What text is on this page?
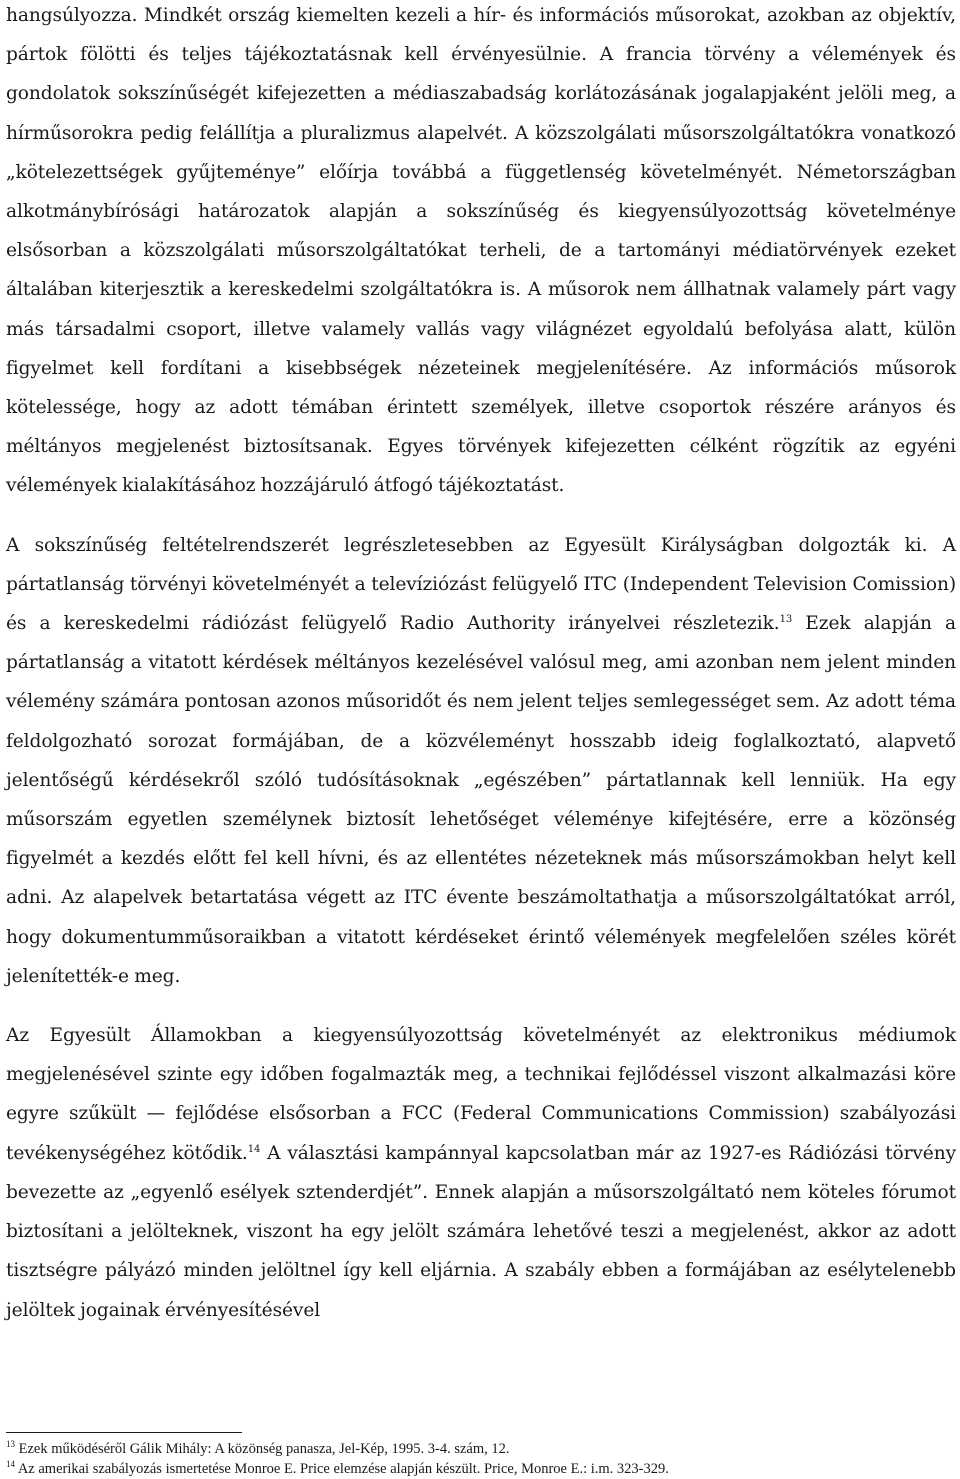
hangsúlyozza. Mindkét ország kiemelten kezeli a hír- és információs műsorokat, azokban az objektív, pártok fölötti és teljes tájékoztatásnak kell érvényesülnie. A francia törvény a vélemények és gondolatok sokszínűségét kifejezetten a médiaszabadság korlátozásának jogalapjaként jelöli meg, a hírműsorokra pedig felállítja a pluralizmus alapelvét. A közszolgálati műsorszolgáltatókra vonatkozó „kötelezettségek gyűjteménye” előírja továbbá a függetlenség követelményét. Németországban alkotmánybírósági határozatok alapján a sokszínűség és kiegyensúlyozottság követelménye elsősorban a közszolgálati műsorszolgáltatókat terheli, de a tartományi médiatörvények ezeket általában kiterjesztik a kereskedelmi szolgáltatókra is. A műsorok nem állhatnak valamely párt vagy más társadalmi csoport, illetve valamely vallás vagy világnézet egyoldalú befolyása alatt, külön figyelmet kell fordítani a kisebbségek nézeteinek megjelenítésére. Az információs műsorok kötelessége, hogy az adott témában érintett személyek, illetve csoportok részére arányos és méltányos megjelenést biztosítsanak. Egyes törvények kifejezetten célként rögzítik az egyéni vélemények kialakításához hozzájáruló átfogó tájékoztatást.

A sokszínűség feltételrendszerét legrészletesebben az Egyesült Királyságban dolgozták ki. A pártatlanság törvényi követelményét a televíziózást felügyelő ITC (Independent Television Comission) és a kereskedelmi rádiózást felügyelő Radio Authority irányelvei részletezik.$^{13}$ Ezek alapján a pártatlanság a vitatott kérdések méltányos kezelésével valósul meg, ami azonban nem jelent minden vélemény számára pontosan azonos műsoridőt és nem jelent teljes semlegességet sem. Az adott téma feldolgozható sorozat formájában, de a közvéleményt hosszabb ideig foglalkoztató, alapvető jelentőségű kérdésekről szóló tudósításoknak „egészében” pártatlannak kell lenniük. Ha egy műsorszám egyetlen személynek biztosít lehetőséget véleménye kifejtésére, erre a közönség figyelmét a kezdés előtt fel kell hívni, és az ellentétes nézeteknek más műsorszámokban helyt kell adni. Az alapelvek betartatása végett az ITC évente beszámoltathatja a műsorszolgáltatókat arról, hogy dokumentumműsoraikban a vitatott kérdéseket érintő vélemények megfelelően széles körét jelenítették-e meg.

Az Egyesült Államokban a kiegyensúlyozottság követelményét az elektronikus médiumok megjelenésével szinte egy időben fogalmazták meg, a technikai fejlődéssel viszont alkalmazási köre egyre szűkült — fejlődése elsősorban a FCC (Federal Communications Commission) szabályozási tevékenységéhez kötődik.$^{14}$ A választási kampánnyal kapcsolatban már az 1927-es Rádiózási törvény bevezette az „egyenlő esélyek sztenderdjét”. Ennek alapján a műsorszolgáltató nem köteles fórumot biztosítani a jelölteknek, viszont ha egy jelölt számára lehetővé teszi a megjelenést, akkor az adott tisztségre pályázó minden jelöltnel így kell eljárnia. A szabály ebben a formájában az esélytelenebb jelöltek jogainak érvényesítésével

$^{13}$ Ezek működéséről Gálik Mihály: A közönség panasza, Jel-Kép, 1995. 3-4. szám, 12.

$^{14}$ Az amerikai szabályozás ismertetése Monroe E. Price elemzése alapján készült. Price, Monroe E.: i.m. 323-329.
